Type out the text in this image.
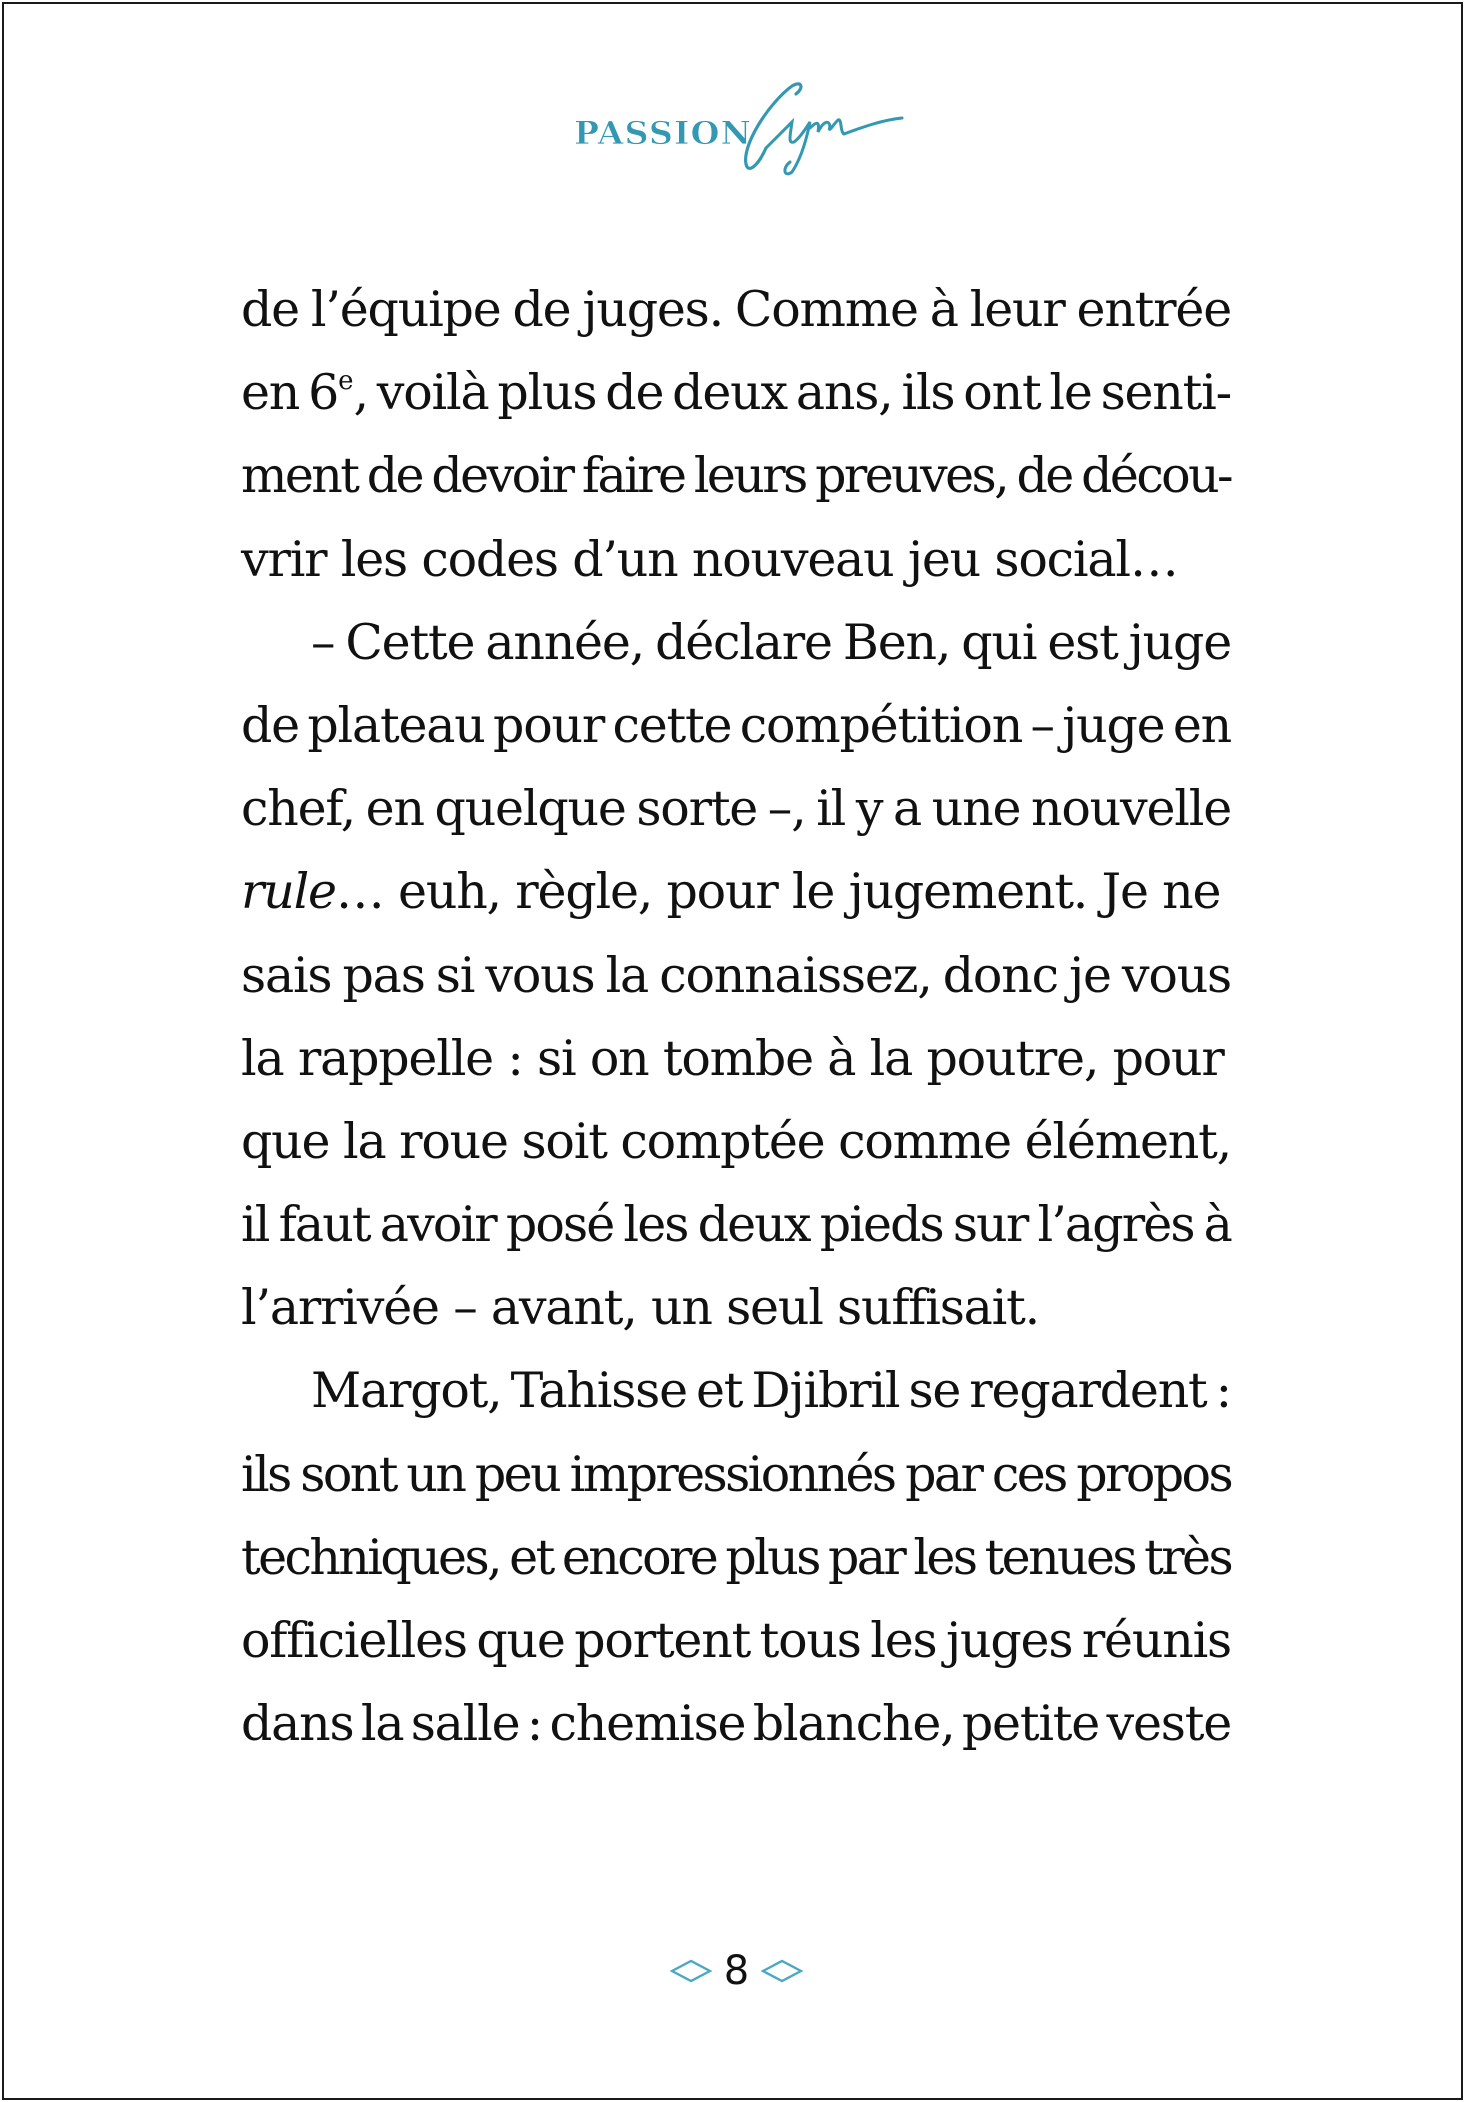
PASSION
de l’équipe de juges. Comme à leur entrée
en 6e, voilà plus de deux ans, ils ont le senti-
ment de devoir faire leurs preuves, de décou-
vrir les codes d’un nouveau jeu social…
– Cette année, déclare Ben, qui est juge
de plateau pour cette compétition – juge en
chef, en quelque sorte –, il y a une nouvelle
rule… euh, règle, pour le jugement. Je ne
sais pas si vous la connaissez, donc je vous
la rappelle : si on tombe à la poutre, pour
que la roue soit comptée comme élément,
il faut avoir posé les deux pieds sur l’agrès à
l’arrivée – avant, un seul suffisait.
Margot, Tahisse et Djibril se regardent :
ils sont un peu impressionnés par ces propos
techniques, et encore plus par les tenues très
officielles que portent tous les juges réunis
dans la salle : chemise blanche, petite veste
8
